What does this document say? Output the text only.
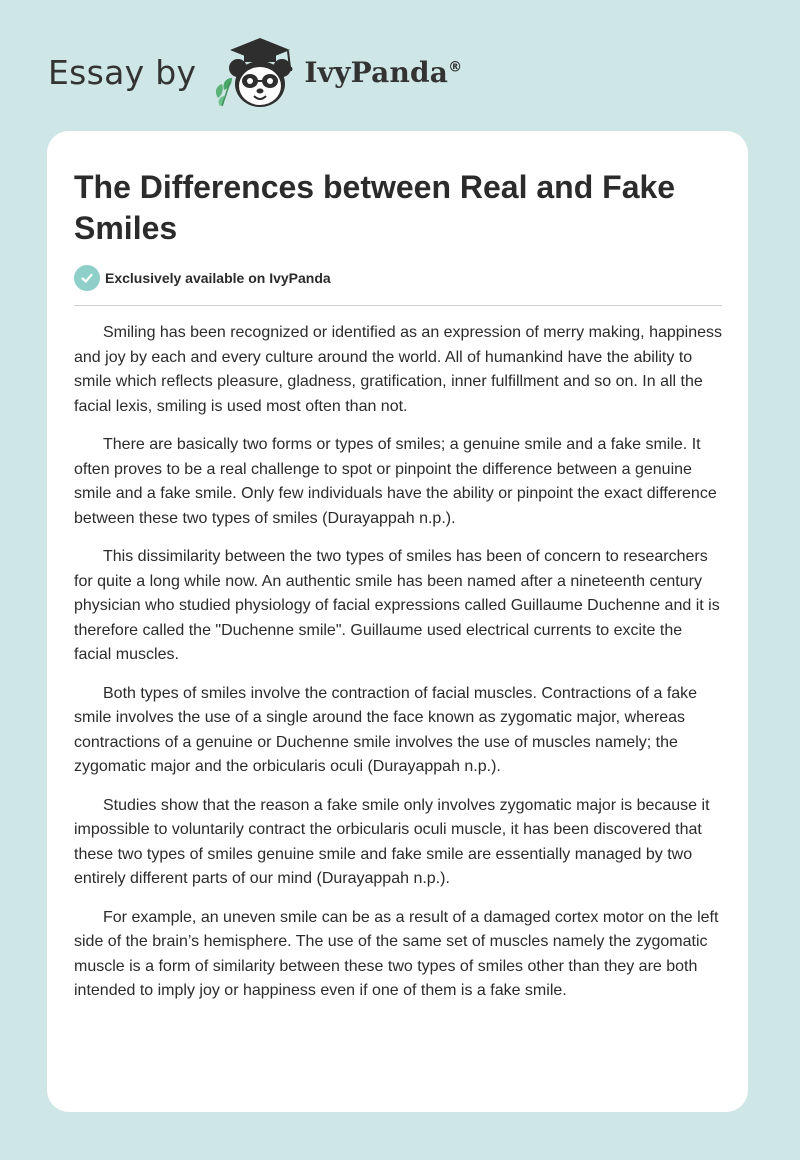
Essay by	IvyPanda®
The Differences between Real and Fake Smiles
Exclusively available on IvyPanda

Smiling has been recognized or identified as an expression of merry making, happiness and joy by each and every culture around the world. All of humankind have the ability to smile which reflects pleasure, gladness, gratification, inner fulfillment and so on. In all the facial lexis, smiling is used most often than not.

There are basically two forms or types of smiles; a genuine smile and a fake smile. It often proves to be a real challenge to spot or pinpoint the difference between a genuine smile and a fake smile. Only few individuals have the ability or pinpoint the exact difference between these two types of smiles (Durayappah n.p.).

This dissimilarity between the two types of smiles has been of concern to researchers for quite a long while now. An authentic smile has been named after a nineteenth century physician who studied physiology of facial expressions called Guillaume Duchenne and it is therefore called the "Duchenne smile". Guillaume used electrical currents to excite the facial muscles.

Both types of smiles involve the contraction of facial muscles. Contractions of a fake smile involves the use of a single around the face known as zygomatic major, whereas contractions of a genuine or Duchenne smile involves the use of muscles namely; the zygomatic major and the orbicularis oculi (Durayappah n.p.).

Studies show that the reason a fake smile only involves zygomatic major is because it impossible to voluntarily contract the orbicularis oculi muscle, it has been discovered that these two types of smiles genuine smile and fake smile are essentially managed by two entirely different parts of our mind (Durayappah n.p.).

For example, an uneven smile can be as a result of a damaged cortex motor on the left side of the brain’s hemisphere. The use of the same set of muscles namely the zygomatic muscle is a form of similarity between these two types of smiles other than they are both intended to imply joy or happiness even if one of them is a fake smile.
